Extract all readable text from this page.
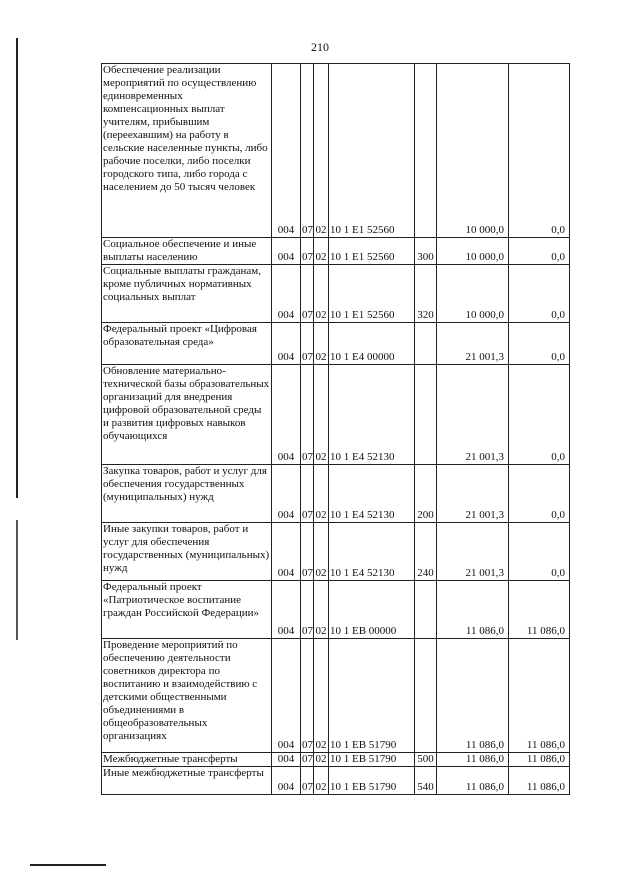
210
Обеспечение реализации мероприятий по осуществлению единовременных компенсационных выплат учителям, прибывшим (переехавшим) на работу в сельские населенные пункты, либо рабочие поселки, либо поселки городского типа, либо города с населением до 50 тысяч человек	004	07	02	10 1 Е1 52560		10 000,0	0,0
Социальное обеспечение и иные выплаты населению	004	07	02	10 1 Е1 52560	300	10 000,0	0,0
Социальные выплаты гражданам, кроме публичных нормативных социальных выплат	004	07	02	10 1 Е1 52560	320	10 000,0	0,0
Федеральный проект «Цифровая образовательная среда»	004	07	02	10 1 Е4 00000		21 001,3	0,0
Обновление материально-технической базы образовательных организаций для внедрения цифровой образовательной среды и развития цифровых навыков обучающихся	004	07	02	10 1 Е4 52130		21 001,3	0,0
Закупка товаров, работ и услуг для обеспечения государственных (муниципальных) нужд	004	07	02	10 1 Е4 52130	200	21 001,3	0,0
Иные закупки товаров, работ и услуг для обеспечения государственных (муниципальных) нужд	004	07	02	10 1 Е4 52130	240	21 001,3	0,0
Федеральный проект «Патриотическое воспитание граждан Российской Федерации»	004	07	02	10 1 ЕВ 00000		11 086,0	11 086,0
Проведение мероприятий по обеспечению деятельности советников директора по воспитанию и взаимодействию с детскими общественными объединениями в общеобразовательных организациях	004	07	02	10 1 ЕВ 51790		11 086,0	11 086,0
Межбюджетные трансферты	004	07	02	10 1 ЕВ 51790	500	11 086,0	11 086,0
Иные межбюджетные трансферты	004	07	02	10 1 ЕВ 51790	540	11 086,0	11 086,0
